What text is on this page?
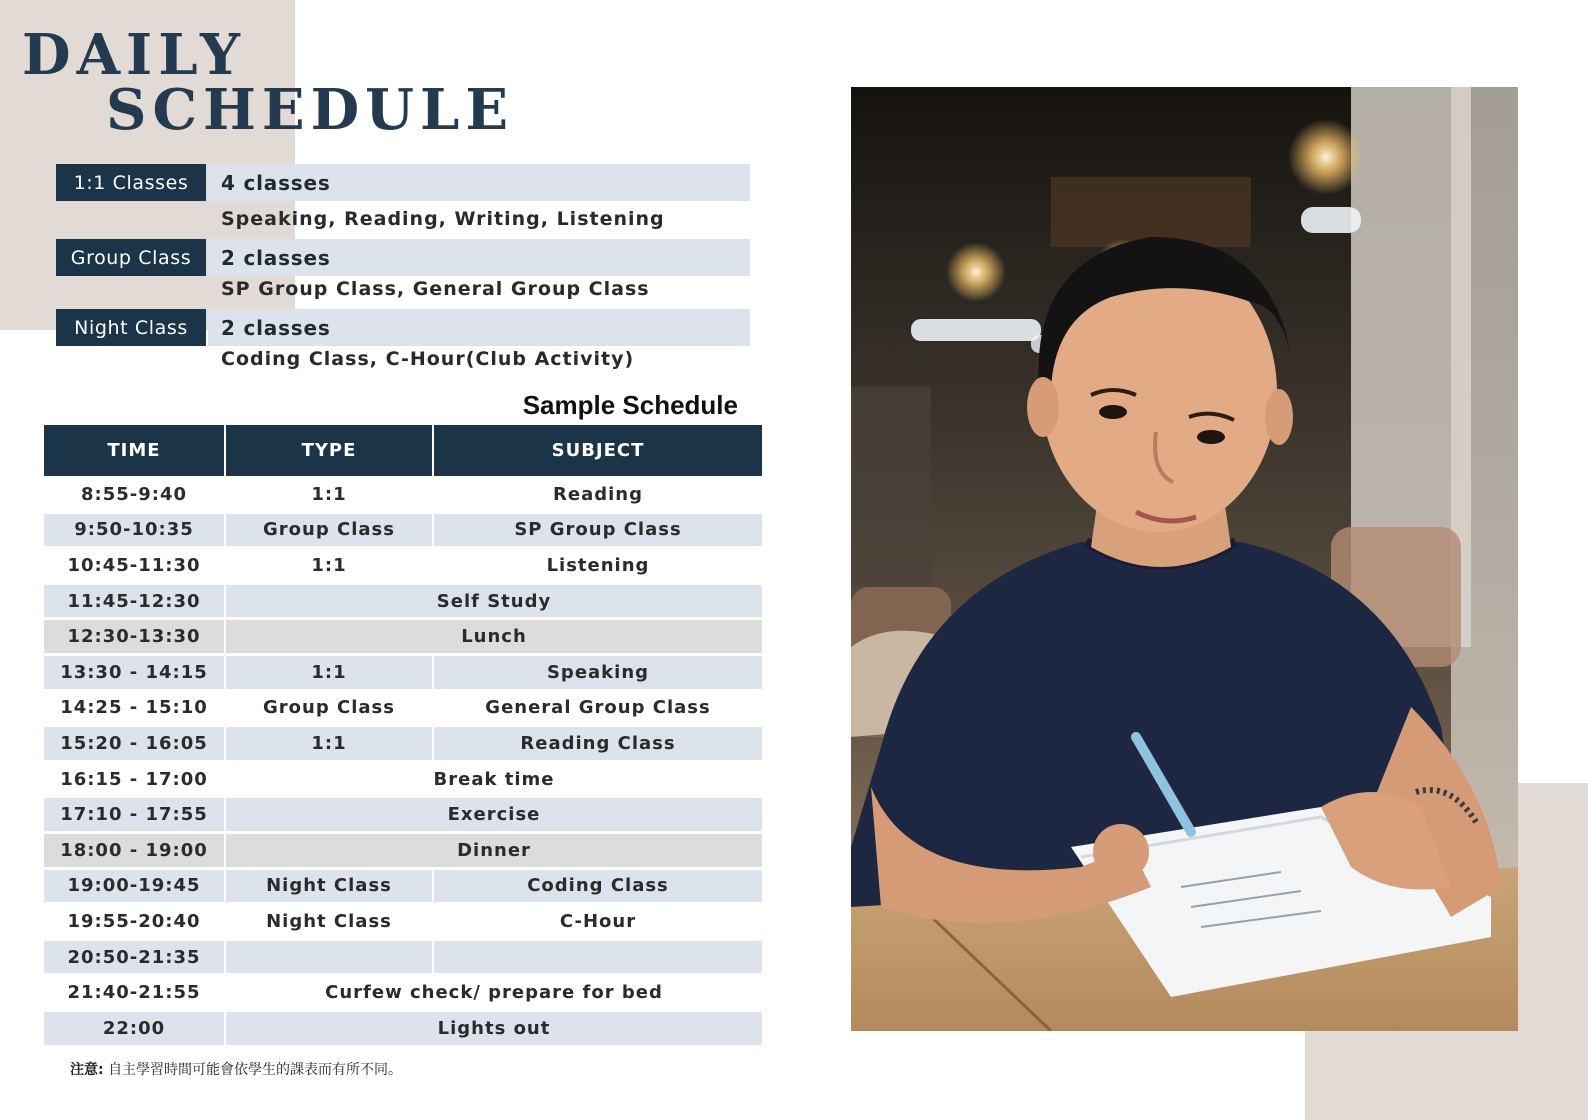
DAILY
SCHEDULE
1:1 Classes	4 classes
Speaking, Reading, Writing, Listening
Group Class	2 classes
SP Group Class, General Group Class
Night Class	2 classes
Coding Class, C-Hour(Club Activity)
Sample Schedule
TIME	TYPE	SUBJECT
8:55-9:40	1:1	Reading
9:50-10:35	Group Class	SP Group Class
10:45-11:30	1:1	Listening
11:45-12:30	Self Study
12:30-13:30	Lunch
13:30 - 14:15	1:1	Speaking
14:25 - 15:10	Group Class	General Group Class
15:20 - 16:05	1:1	Reading Class
16:15 - 17:00	Break time
17:10 - 17:55	Exercise
18:00 - 19:00	Dinner
19:00-19:45	Night Class	Coding Class
19:55-20:40	Night Class	C-Hour
20:50-21:35
21:40-21:55	Curfew check/ prepare for bed
22:00	Lights out
注意: 自主學習時間可能會依學生的課表而有所不同。
